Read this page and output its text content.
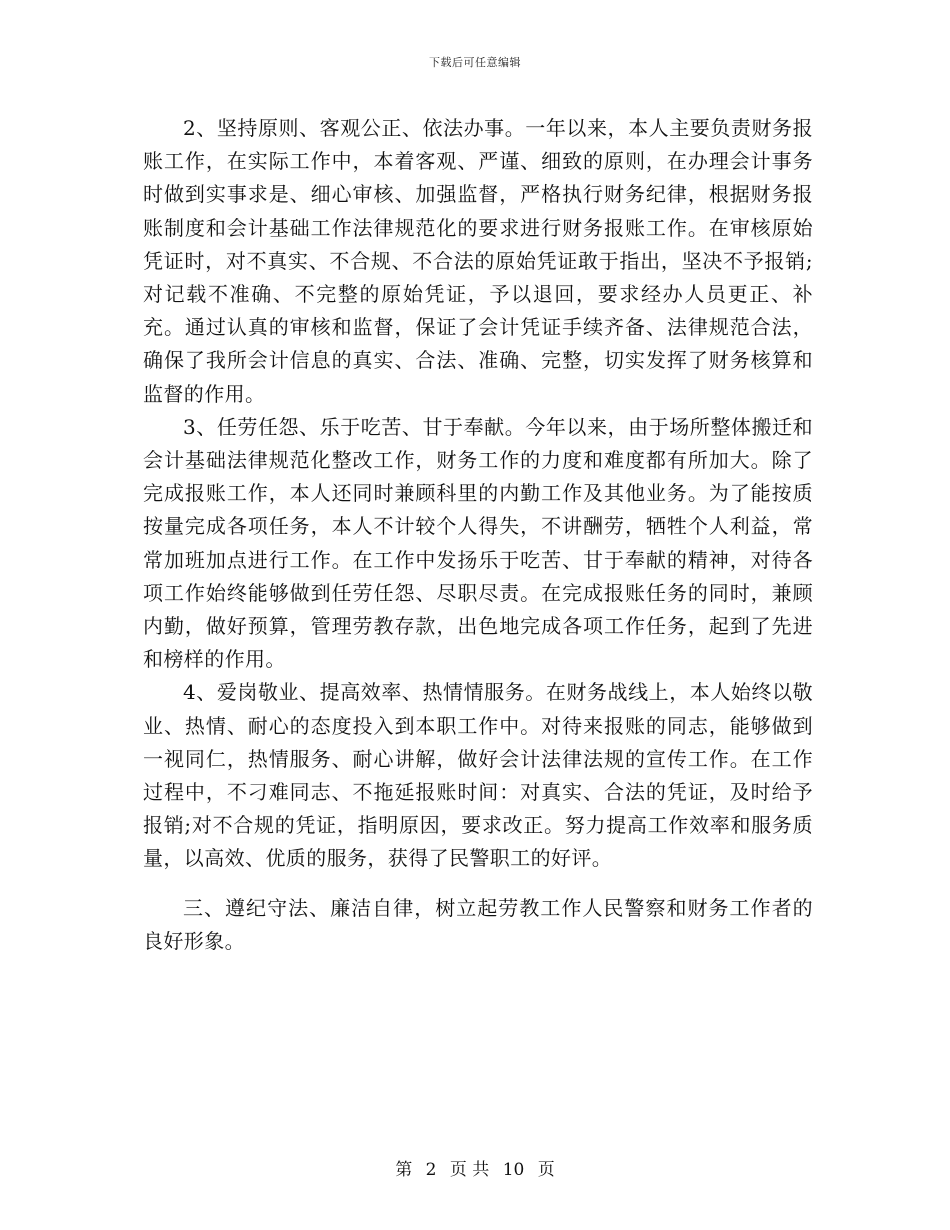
下载后可任意编辑

2、坚持原则、客观公正、依法办事。一年以来，本人主要负责财务报账工作，在实际工作中，本着客观、严谨、细致的原则，在办理会计事务时做到实事求是、细心审核、加强监督，严格执行财务纪律，根据财务报账制度和会计基础工作法律规范化的要求进行财务报账工作。在审核原始凭证时，对不真实、不合规、不合法的原始凭证敢于指出，坚决不予报销;对记载不准确、不完整的原始凭证，予以退回，要求经办人员更正、补充。通过认真的审核和监督，保证了会计凭证手续齐备、法律规范合法，确保了我所会计信息的真实、合法、准确、完整，切实发挥了财务核算和监督的作用。

3、任劳任怨、乐于吃苦、甘于奉献。今年以来，由于场所整体搬迁和会计基础法律规范化整改工作，财务工作的力度和难度都有所加大。除了完成报账工作，本人还同时兼顾科里的内勤工作及其他业务。为了能按质按量完成各项任务，本人不计较个人得失，不讲酬劳，牺牲个人利益，常常加班加点进行工作。在工作中发扬乐于吃苦、甘于奉献的精神，对待各项工作始终能够做到任劳任怨、尽职尽责。在完成报账任务的同时，兼顾内勤，做好预算，管理劳教存款，出色地完成各项工作任务，起到了先进和榜样的作用。

4、爱岗敬业、提高效率、热情情服务。在财务战线上，本人始终以敬业、热情、耐心的态度投入到本职工作中。对待来报账的同志，能够做到一视同仁，热情服务、耐心讲解，做好会计法律法规的宣传工作。在工作过程中，不刁难同志、不拖延报账时间：对真实、合法的凭证，及时给予报销;对不合规的凭证，指明原因，要求改正。努力提高工作效率和服务质量，以高效、优质的服务，获得了民警职工的好评。

三、遵纪守法、廉洁自律，树立起劳教工作人民警察和财务工作者的良好形象。

第 2 页 共 10 页
